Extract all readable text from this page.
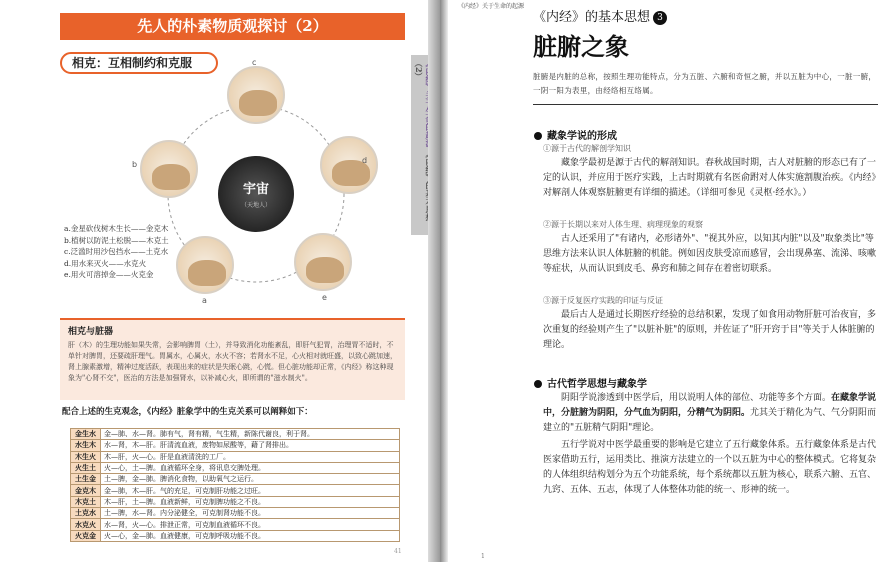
先人的朴素物质观探讨（2）
相克：互相制约和克服	c
d
e
a
b
宇宙
（天地人）
a.金星砍伐树木生长——金克木
b.植树以防泥土松脱——木克土
c.泛滥时用沙包挡水——土克水
d.用水来灭火——水克火
e.用火可溶掉金——火克金
相克与脏器

肝（木）的生理功能如果失常，会影响脾胃（土），并导致消化功能紊乱，即肝气犯胃，治理胃不适时，不单针对脾胃，还要疏肝理气。胃属水，心属火，水火不容；若肾水不足，心火相对就旺盛，以致心跳加速，肾上腺素激增，精神过度活跃，表现出来的症状是失眠心跳，心慌。但心脏功能却正常，《内经》称这种现象为"心肾不交"，医治的方法是加强肾水，以补减心火，即所谓的"滋水制火"。

配合上述的生克观念，《内经》脏象学中的生克关系可以阐释如下：
金生水	金—肺、水—肾。肺有气，肾有精，气生精，新陈代谢良，利于肾。
水生木	水—肾，木—肝。肝清流血液，废物如尿酸等，藉了肾排出。
木生火	木—肝，火—心。肝是血液清洗的工厂。
火生土	火—心，土—脾。血液循环全身，将讯息交脾处理。
土生金	土—脾，金—肺。脾消化食物，以助氧气之运行。
金克木	金—肺，木—肝。气的充足，可克制肝功能之过旺。
木克土	木—肝，土—脾。血液新鲜，可克制脾功能之不良。
土克水	土—脾，水—肾。内分泌健全，可克制肾功能不良。
水克火	水—肾，火—心。排泄正常，可克制血液循环不良。
火克金	火—心，金—肺。血液健康，可克制呼吸功能不良。
41
（2）
《内经》关于生命的起源
《内经》的基本思想 3
脏腑之象
脏腑是内脏的总称，按照生理功能特点，分为五脏、六腑和奇恒之腑，并以五脏为中心，一脏一腑，一阴一阳为表里，由经络相互络属。
藏象学说的形成
①源于古代的解剖学知识
藏象学最初是源于古代的解剖知识。春秋战国时期，古人对脏腑的形态已有了一定的认识，并应用于医疗实践，上古时期就有名医俞跗对人体实施割腹治疾。《内经》对解剖人体观察脏腑更有详细的描述。（详细可参见《灵枢·经水》。）
②源于长期以来对人体生理、病理现象的观察
古人还采用了"有诸内，必形诸外"、"视其外应，以知其内脏"以及"取象类比"等思维方法来认识人体脏腑的机能。例如因皮肤受凉而感冒，会出现鼻塞、流涕、咳嗽等症状，从而认识到皮毛、鼻窍和肺之间存在着密切联系。
③源于反复医疗实践的印证与反证
最后古人是通过长期医疗经验的总结积累，发现了如食用动物肝脏可治夜盲，多次重复的经验则产生了"以脏补脏"的原则，并佐证了"肝开窍于目"等关于人体脏腑的理论。
古代哲学思想与藏象学
阴阳学说渗透到中医学后，用以说明人体的部位、功能等多个方面。在藏象学说中，分脏腑为阴阳，分气血为阴阳，分精气为阴阳。尤其关于精化为气、气分阴阳而建立的"五脏精气阴阳"理论。
五行学说对中医学最重要的影响是它建立了五行藏象体系。五行藏象体系是古代医家借助五行，运用类比、推演方法建立的一个以五脏为中心的整体模式。它将复杂的人体组织结构划分为五个功能系统，每个系统都以五脏为核心，联系六腑、五官、九窍、五体、五志，体现了人体整体功能的统一、形神的统一。
1
